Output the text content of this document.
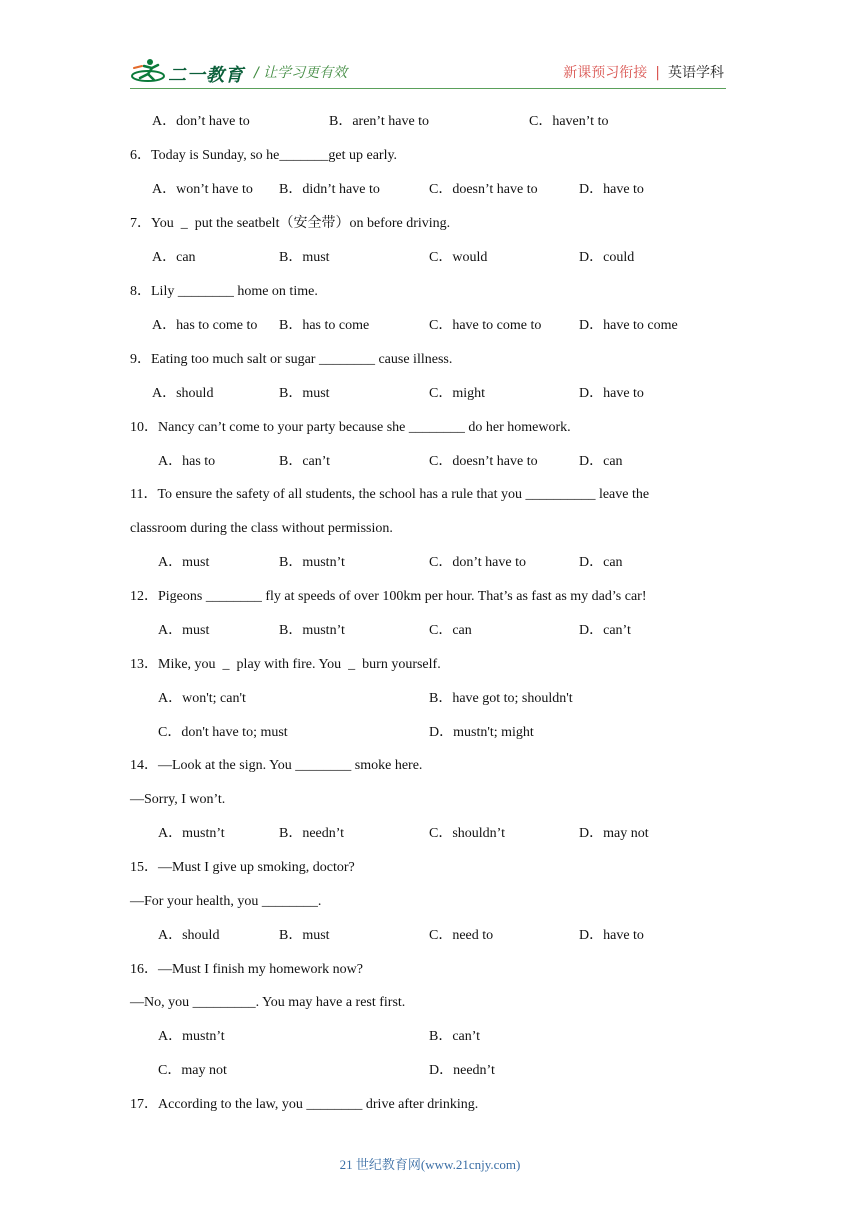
二一教育 / 让学习更有效	新课预习衔接 | 英语学科
A．don’t have to	B．aren’t have to	C．haven’t to
6．Today is Sunday, so he_______get up early.
A．won’t have to B．didn’t have to	C．doesn’t have to	D．have to
7．You  _  put the seatbelt（安全带）on before driving.
A．can	B．must	C．would	D．could
8．Lily ________ home on time.
A．has to come to B．has to come	C．have to come to	D．have to come
9．Eating too much salt or sugar ________ cause illness.
A．should	B．must	C．might	D．have to
10．Nancy can’t come to your party because she ________ do her homework.
A．has to	B．can’t	C．doesn’t have to	D．can
11．To ensure the safety of all students, the school has a rule that you __________ leave the
classroom during the class without permission.
A．must	B．mustn’t	C．don’t have to	D．can
12．Pigeons ________ fly at speeds of over 100km per hour. That’s as fast as my dad’s car!
A．must	B．mustn’t	C．can	D．can’t
13．Mike, you  _  play with fire. You  _  burn yourself.
A．won't; can't	B．have got to; shouldn't
C．don't have to; must	D．mustn't; might
14．—Look at the sign. You ________ smoke here.
—Sorry, I won’t.
A．mustn’t	B．needn’t	C．shouldn’t	D．may not
15．—Must I give up smoking, doctor?
—For your health, you ________.
A．should	B．must	C．need to	D．have to
16．—Must I finish my homework now?
—No, you _________. You may have a rest first.
A．mustn’t	B．can’t
C．may not	D．needn’t
17．According to the law, you ________ drive after drinking.
21 世纪教育网(www.21cnjy.com)
